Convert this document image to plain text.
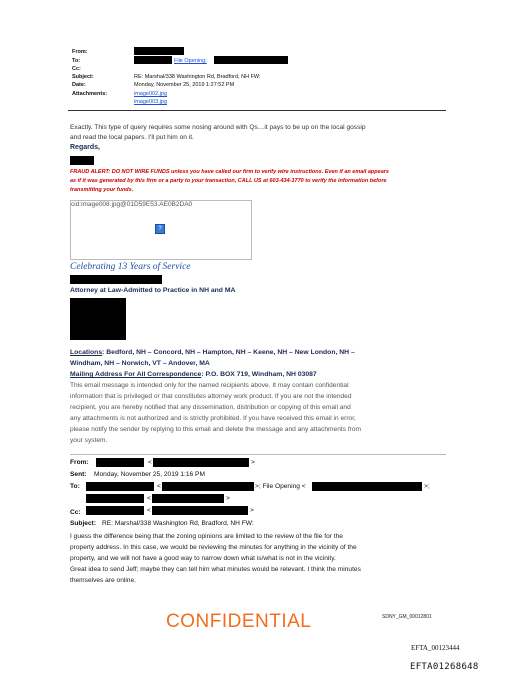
From:
To:	File Opening;
Cc:
Subject:	RE: Marshal/338 Washington Rd, Bradford, NH FW:
Date:	Monday, November 25, 2019 1:27:52 PM
Attachments:	image002.jpg
image003.jpg
Exactly. This type of query requires some nosing around with Qs…it pays to be up on the local gossip
and read the local papers. I’ll put him on it.
Regards,
FRAUD ALERT: DO NOT WIRE FUNDS unless you have called our firm to verify wire instructions. Even if an email appears
as if it was generated by this firm or a party to your transaction, CALL US at 603-434-1770 to verify the information before
transmitting your funds.
cid:image008.jpg@01D59E53.AE0B2DA0
?
Celebrating 13 Years of Service
Attorney at Law-Admitted to Practice in NH and MA
Locations: Bedford, NH – Concord, NH – Hampton, NH – Keene, NH – New London, NH –
Windham, NH – Norwich, VT – Andover, MA
Mailing Address For All Correspondence: P.O. BOX 719, Windham, NH 03087
This email message is intended only for the named recipients above. It may contain confidential
information that is privileged or that constitutes attorney work product. If you are not the intended
recipient, you are hereby notified that any dissemination, distribution or copying of this email and
any attachments is not authorized and is strictly prohibited. If you have received this email in error,
please notify the sender by replying to this email and delete the message and any attachments from
your system.
From:	<	>
Sent: Monday, November 25, 2019 1:16 PM
To:	<	>; File Opening <	>;
<	>
Cc:	<	>
Subject: RE: Marshal/338 Washington Rd, Bradford, NH FW:
I guess the difference being that the zoning opinions are limited to the review of the file for the
property address. In this case, we would be reviewing the minutes for anything in the vicinity of the
property, and we will not have a good way to narrow down what is/what is not in the vicinity.
Great idea to send Jeff; maybe they can tell him what minutes would be relevant. I think the minutes
themselves are online.
CONFIDENTIAL	SDNY_GM_00012801
EFTA_00123444
EFTA01268648
